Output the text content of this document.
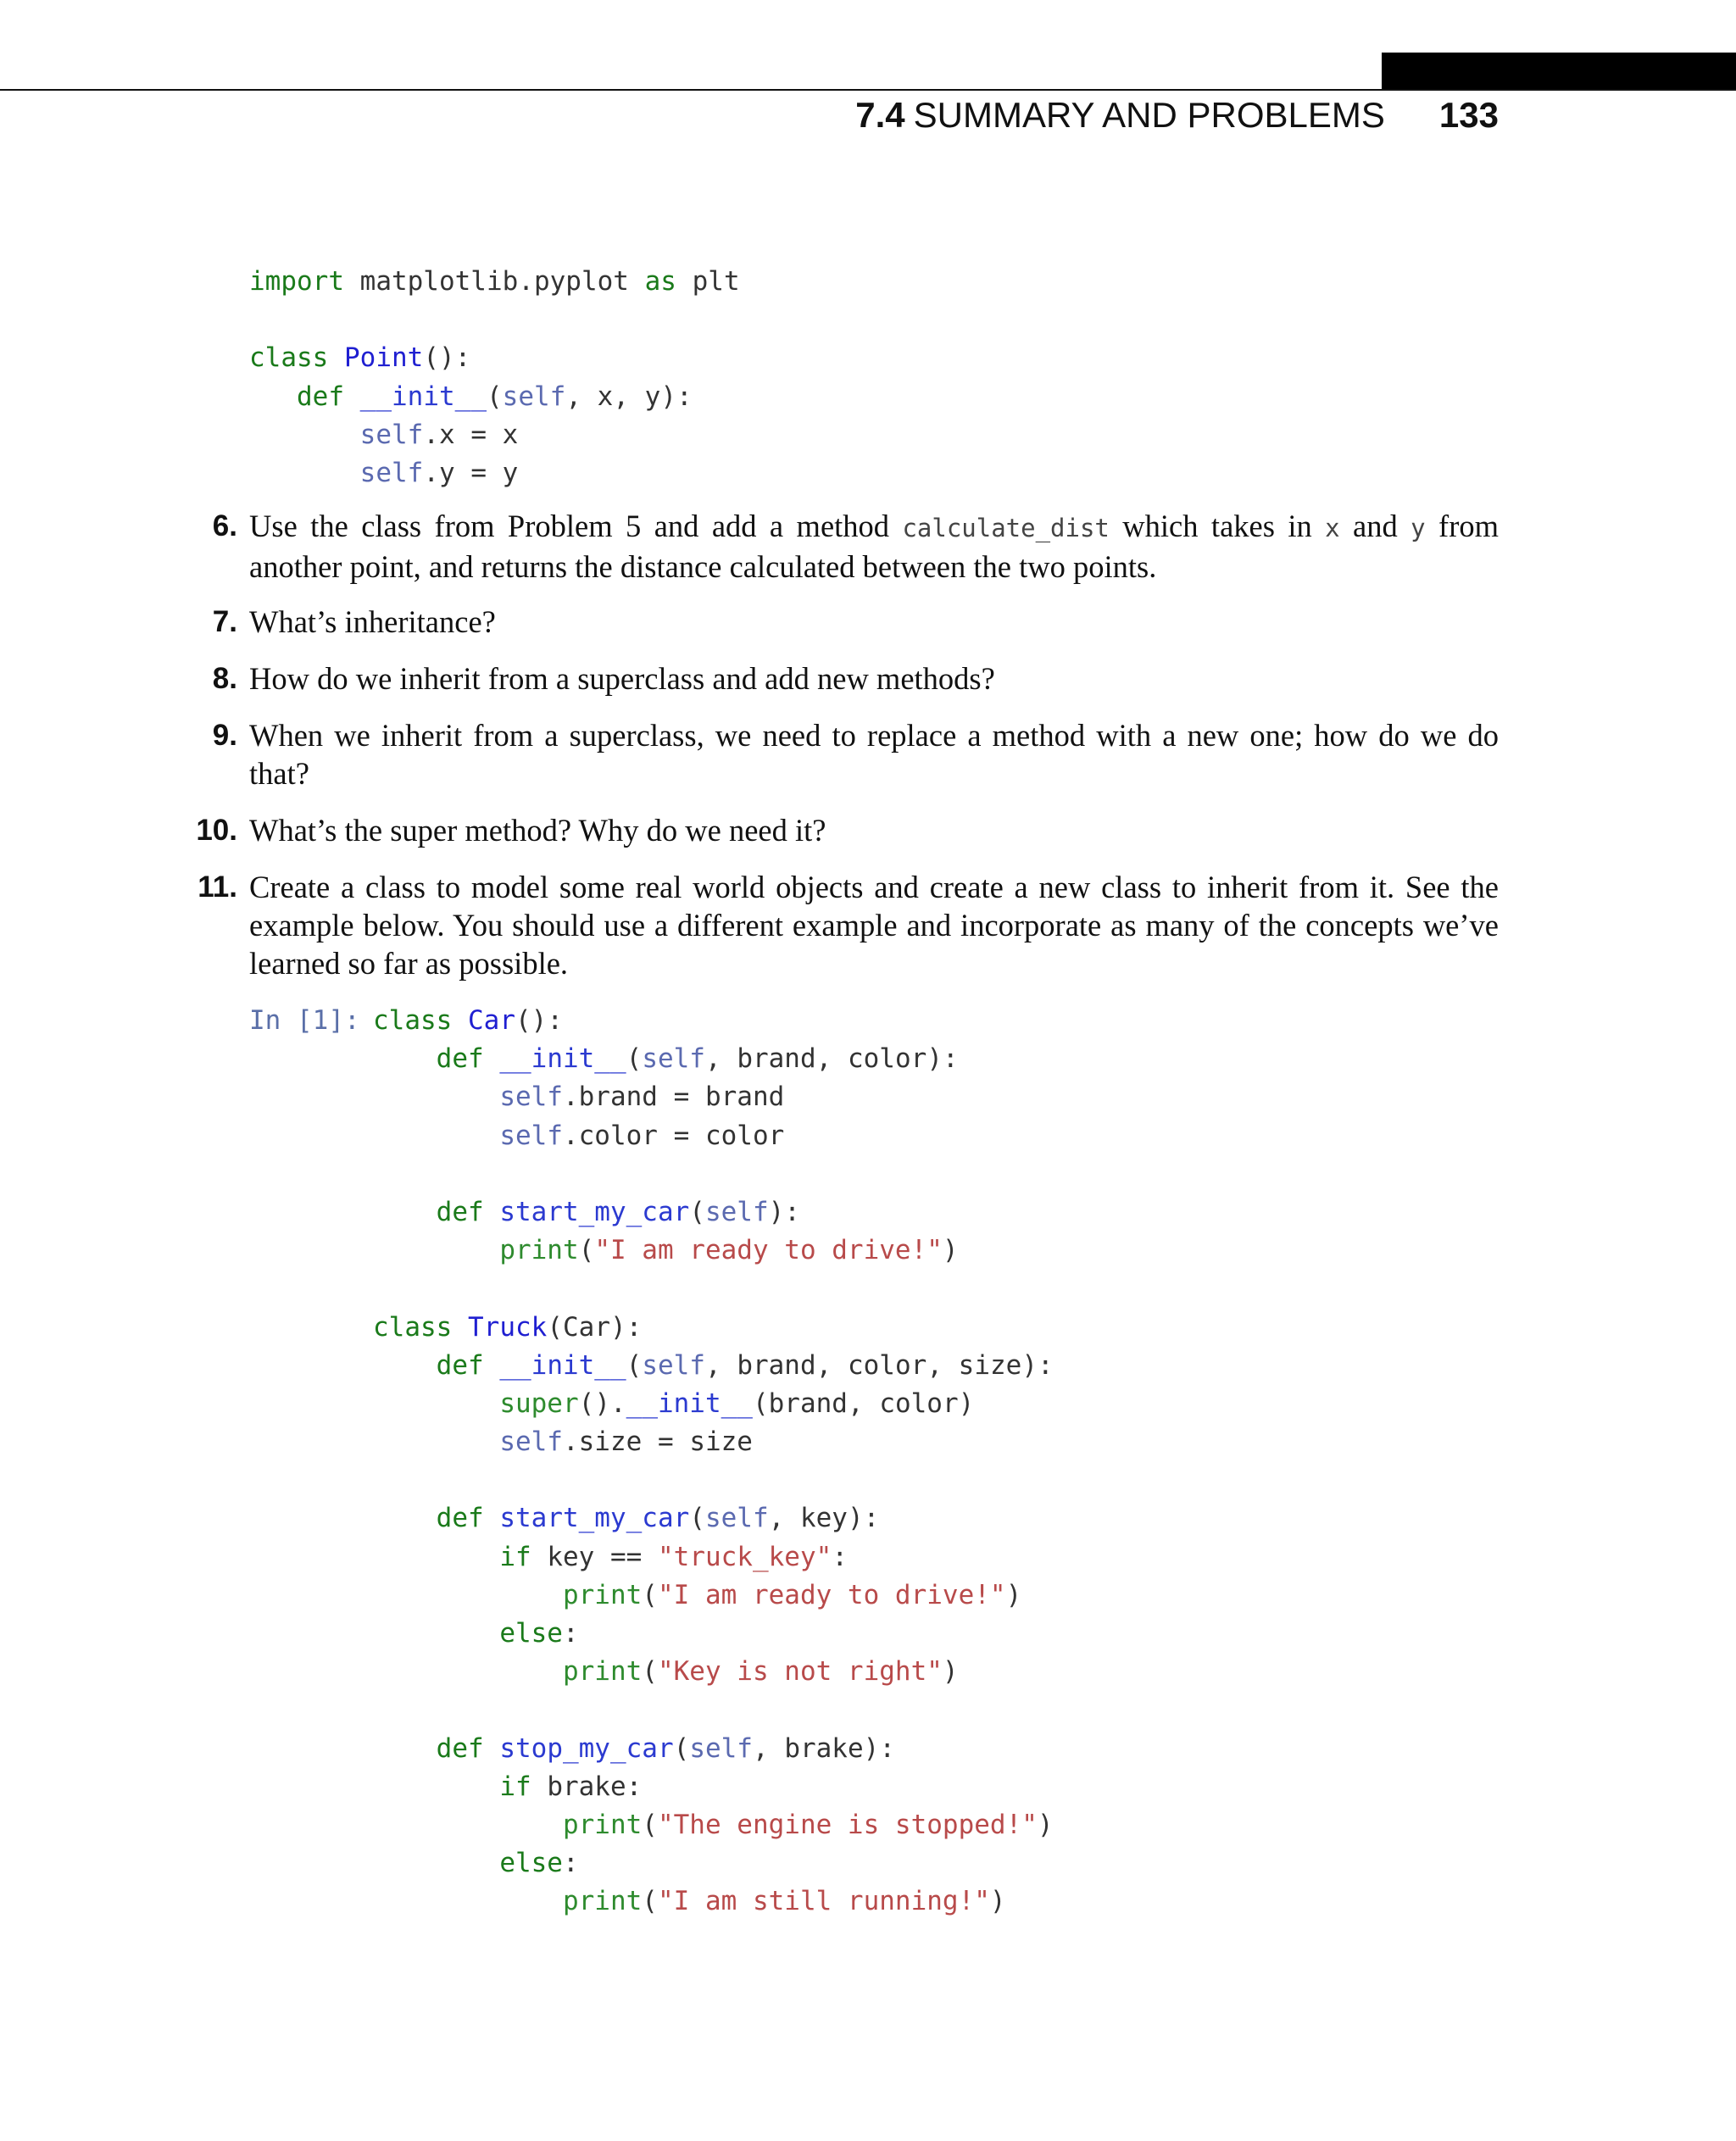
7.4 SUMMARY AND PROBLEMS 133
import matplotlib.pyplot as plt

class Point():
def __init__(self, x, y):
self.x = x
self.y = y
6. Use the class from Problem 5 and add a method calculate_dist which takes in x and y from another point, and returns the distance calculated between the two points.
7. What’s inheritance?
8. How do we inherit from a superclass and add new methods?
9. When we inherit from a superclass, we need to replace a method with a new one; how do we do that?
10. What’s the super method? Why do we need it?
11. Create a class to model some real world objects and create a new class to inherit from it. See the example below. You should use a different example and incorporate as many of the concepts we’ve learned so far as possible.
In [1]: class Car():
def __init__(self, brand, color):
self.brand = brand
self.color = color

def start_my_car(self):
print("I am ready to drive!")

class Truck(Car):
def __init__(self, brand, color, size):
super().__init__(brand, color)
self.size = size

def start_my_car(self, key):
if key == "truck_key":
print("I am ready to drive!")
else:
print("Key is not right")

def stop_my_car(self, brake):
if brake:
print("The engine is stopped!")
else:
print("I am still running!")
